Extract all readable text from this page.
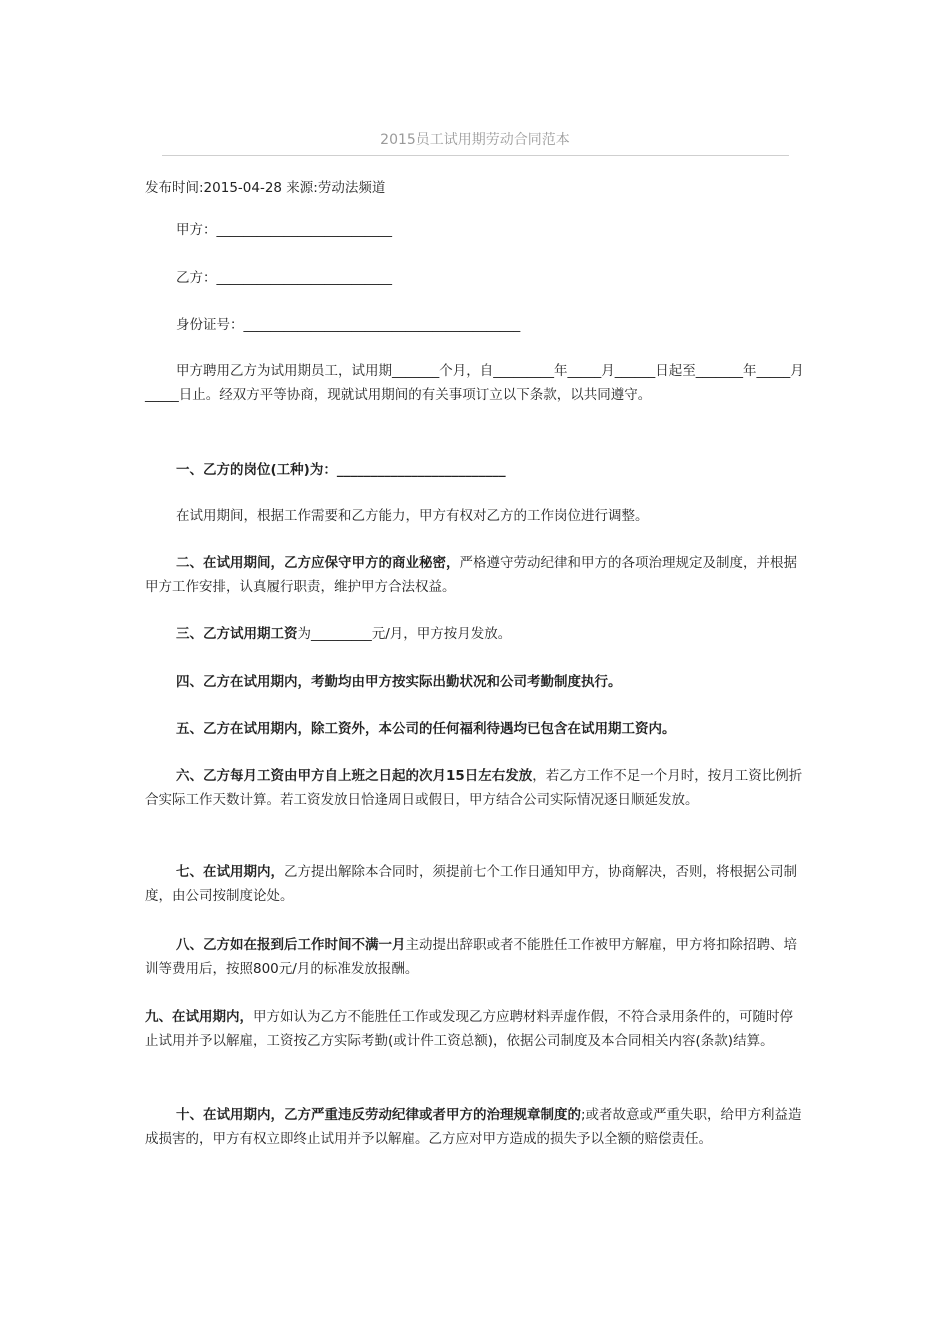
2015员工试用期劳动合同范本
发布时间:2015-04-28 来源:劳动法频道
甲方：__________________________
乙方：__________________________
身份证号：_________________________________________
甲方聘用乙方为试用期员工，试用期_______个月，自_________年_____月______日起至_______年_____月_____日止。经双方平等协商，现就试用期间的有关事项订立以下条款，以共同遵守。
一、乙方的岗位(工种)为：_________________________
在试用期间，根据工作需要和乙方能力，甲方有权对乙方的工作岗位进行调整。
二、在试用期间，乙方应保守甲方的商业秘密，严格遵守劳动纪律和甲方的各项治理规定及制度，并根据甲方工作安排，认真履行职责，维护甲方合法权益。
三、乙方试用期工资为_________元/月，甲方按月发放。
四、乙方在试用期内，考勤均由甲方按实际出勤状况和公司考勤制度执行。
五、乙方在试用期内，除工资外，本公司的任何福利待遇均已包含在试用期工资内。
六、乙方每月工资由甲方自上班之日起的次月15日左右发放，若乙方工作不足一个月时，按月工资比例折合实际工作天数计算。若工资发放日恰逢周日或假日，甲方结合公司实际情况逐日顺延发放。
七、在试用期内，乙方提出解除本合同时，须提前七个工作日通知甲方，协商解决，否则，将根据公司制度，由公司按制度论处。
八、乙方如在报到后工作时间不满一月主动提出辞职或者不能胜任工作被甲方解雇，甲方将扣除招聘、培训等费用后，按照800元/月的标准发放报酬。
九、在试用期内，甲方如认为乙方不能胜任工作或发现乙方应聘材料弄虚作假，不符合录用条件的，可随时停止试用并予以解雇，工资按乙方实际考勤(或计件工资总额)，依据公司制度及本合同相关内容(条款)结算。
十、在试用期内，乙方严重违反劳动纪律或者甲方的治理规章制度的;或者故意或严重失职，给甲方利益造成损害的，甲方有权立即终止试用并予以解雇。乙方应对甲方造成的损失予以全额的赔偿责任。
